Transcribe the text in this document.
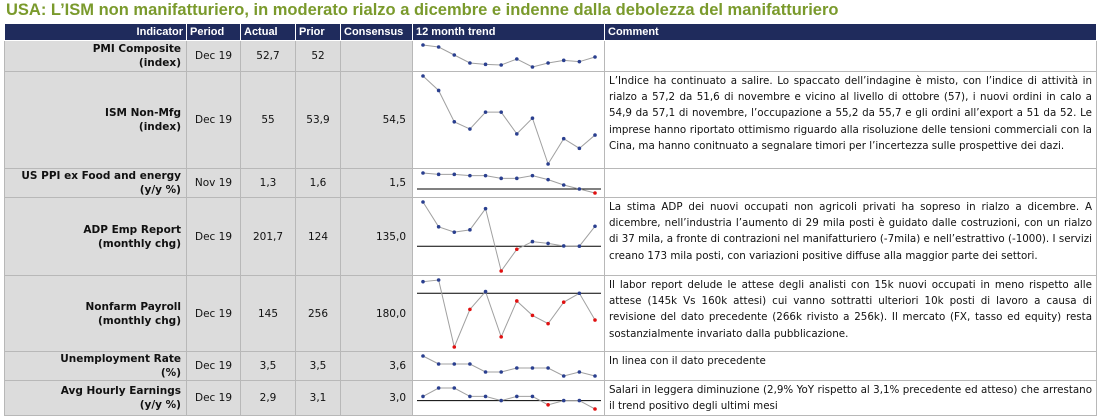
USA: L’ISM non manifatturiero, in moderato rialzo a dicembre e indenne dalla debolezza del manifatturiero
Indicator	Period	Actual	Prior	Consensus	12 month trend	Comment

PMI Composite
(index)	Dec 19	52,7	52		

ISM Non-Mfg
(index)	Dec 19	55	53,9	54,5		L’Indice ha continuato a salire. Lo spaccato dell’indagine è misto, con l’indice di attività in rialzo a 57,2 da 51,6 di novembre e vicino al livello di ottobre (57), i nuovi ordini in calo a 54,9 da 57,1 di novembre, l’occupazione a 55,2 da 55,7 e gli ordini all’export a 51 da 52. Le imprese hanno riportato ottimismo riguardo alla risoluzione delle tensioni commerciali con la Cina, ma hanno conitnuato a segnalare timori per l’incertezza sulle prospettive dei dazi.

US PPI ex Food and energy
(y/y %)	Nov 19	1,3	1,6	1,5	

ADP Emp Report
(monthly chg)	Dec 19	201,7	124	135,0		La stima ADP dei nuovi occupati non agricoli privati ha sopreso in rialzo a dicembre. A dicembre, nell’industria l’aumento di 29 mila posti è guidato dalle costruzioni, con un rialzo di 37 mila, a fronte di contrazioni nel manifatturiero (-7mila) e nell’estrattivo (-1000). I servizi creano 173 mila posti, con variazioni positive diffuse alla maggior parte dei settori.

Nonfarm Payroll
(monthly chg)	Dec 19	145	256	180,0		Il labor report delude le attese degli analisti con 15k nuovi occupati in meno rispetto alle attese (145k Vs 160k attesi) cui vanno sottratti ulteriori 10k posti di lavoro a causa di revisione del dato precedente (266k rivisto a 256k). Il mercato (FX, tasso ed equity) resta sostanzialmente invariato dalla pubblicazione.

Unemployment Rate
(%)	Dec 19	3,5	3,5	3,6		In linea con il dato precedente

Avg Hourly Earnings
(y/y %)	Dec 19	2,9	3,1	3,0		Salari in leggera diminuzione (2,9% YoY rispetto al 3,1% precedente ed atteso) che arrestano il trend positivo degli ultimi mesi
